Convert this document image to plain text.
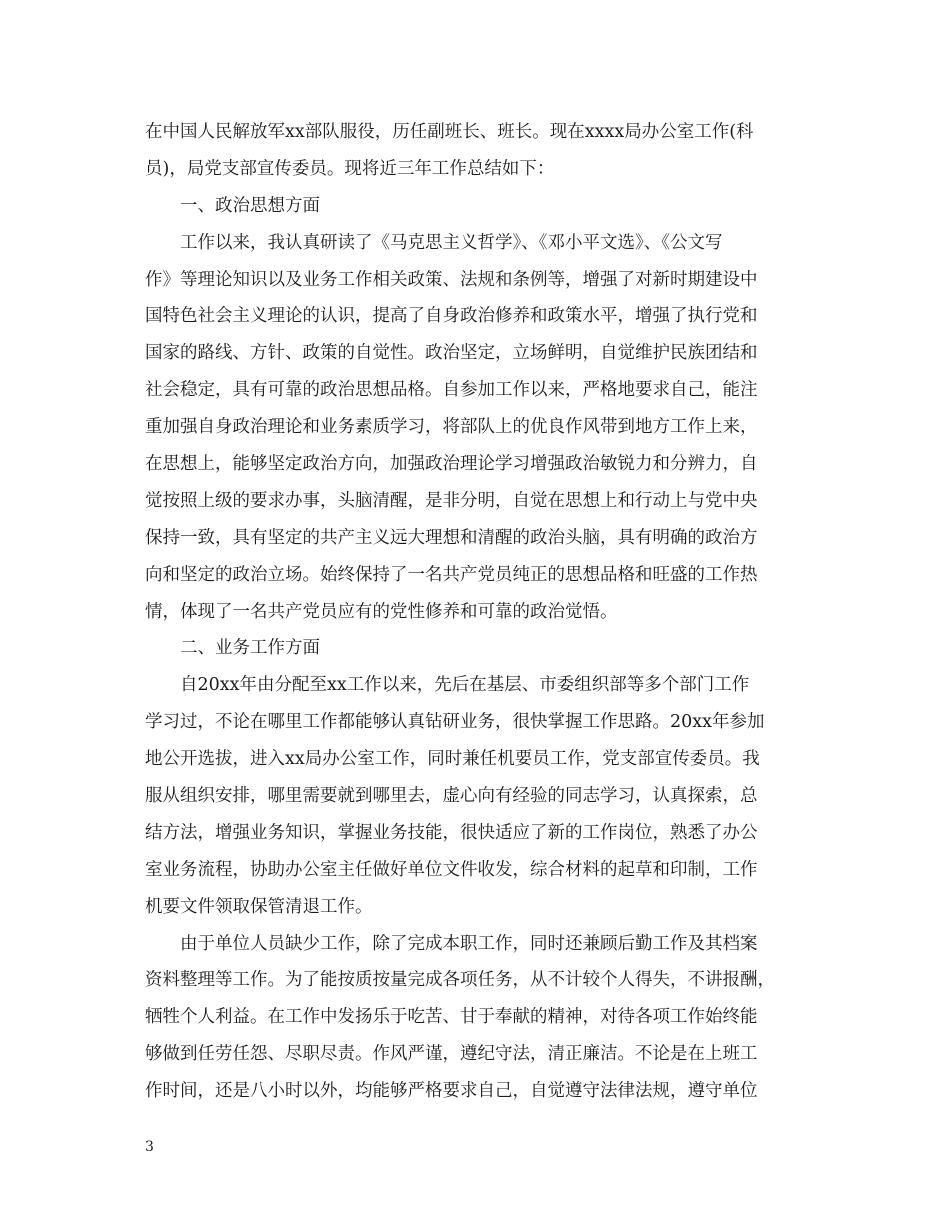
在中国人民解放军xx部队服役，历任副班长、班长。现在xxxx局办公室工作(科
员)，局党支部宣传委员。现将近三年工作总结如下：
　　一、政治思想方面
　　工作以来，我认真研读了《马克思主义哲学》、《邓小平文选》、《公文写
作》等理论知识以及业务工作相关政策、法规和条例等，增强了对新时期建设中
国特色社会主义理论的认识，提高了自身政治修养和政策水平，增强了执行党和
国家的路线、方针、政策的自觉性。政治坚定，立场鲜明，自觉维护民族团结和
社会稳定，具有可靠的政治思想品格。自参加工作以来，严格地要求自己，能注
重加强自身政治理论和业务素质学习，将部队上的优良作风带到地方工作上来，
在思想上，能够坚定政治方向，加强政治理论学习增强政治敏锐力和分辨力，自
觉按照上级的要求办事，头脑清醒，是非分明，自觉在思想上和行动上与党中央
保持一致，具有坚定的共产主义远大理想和清醒的政治头脑，具有明确的政治方
向和坚定的政治立场。始终保持了一名共产党员纯正的思想品格和旺盛的工作热
情，体现了一名共产党员应有的党性修养和可靠的政治觉悟。
　　二、业务工作方面
　　自20xx年由分配至xx工作以来，先后在基层、市委组织部等多个部门工作
学习过，不论在哪里工作都能够认真钻研业务，很快掌握工作思路。20xx年参加
地公开选拔，进入xx局办公室工作，同时兼任机要员工作，党支部宣传委员。我
服从组织安排，哪里需要就到哪里去，虚心向有经验的同志学习，认真探索，总
结方法，增强业务知识，掌握业务技能，很快适应了新的工作岗位，熟悉了办公
室业务流程，协助办公室主任做好单位文件收发，综合材料的起草和印制，工作
机要文件领取保管清退工作。
　　由于单位人员缺少工作，除了完成本职工作，同时还兼顾后勤工作及其档案
资料整理等工作。为了能按质按量完成各项任务，从不计较个人得失，不讲报酬，
牺牲个人利益。在工作中发扬乐于吃苦、甘于奉献的精神，对待各项工作始终能
够做到任劳任怨、尽职尽责。作风严谨，遵纪守法，清正廉洁。不论是在上班工
作时间，还是八小时以外，均能够严格要求自己，自觉遵守法律法规，遵守单位
3
